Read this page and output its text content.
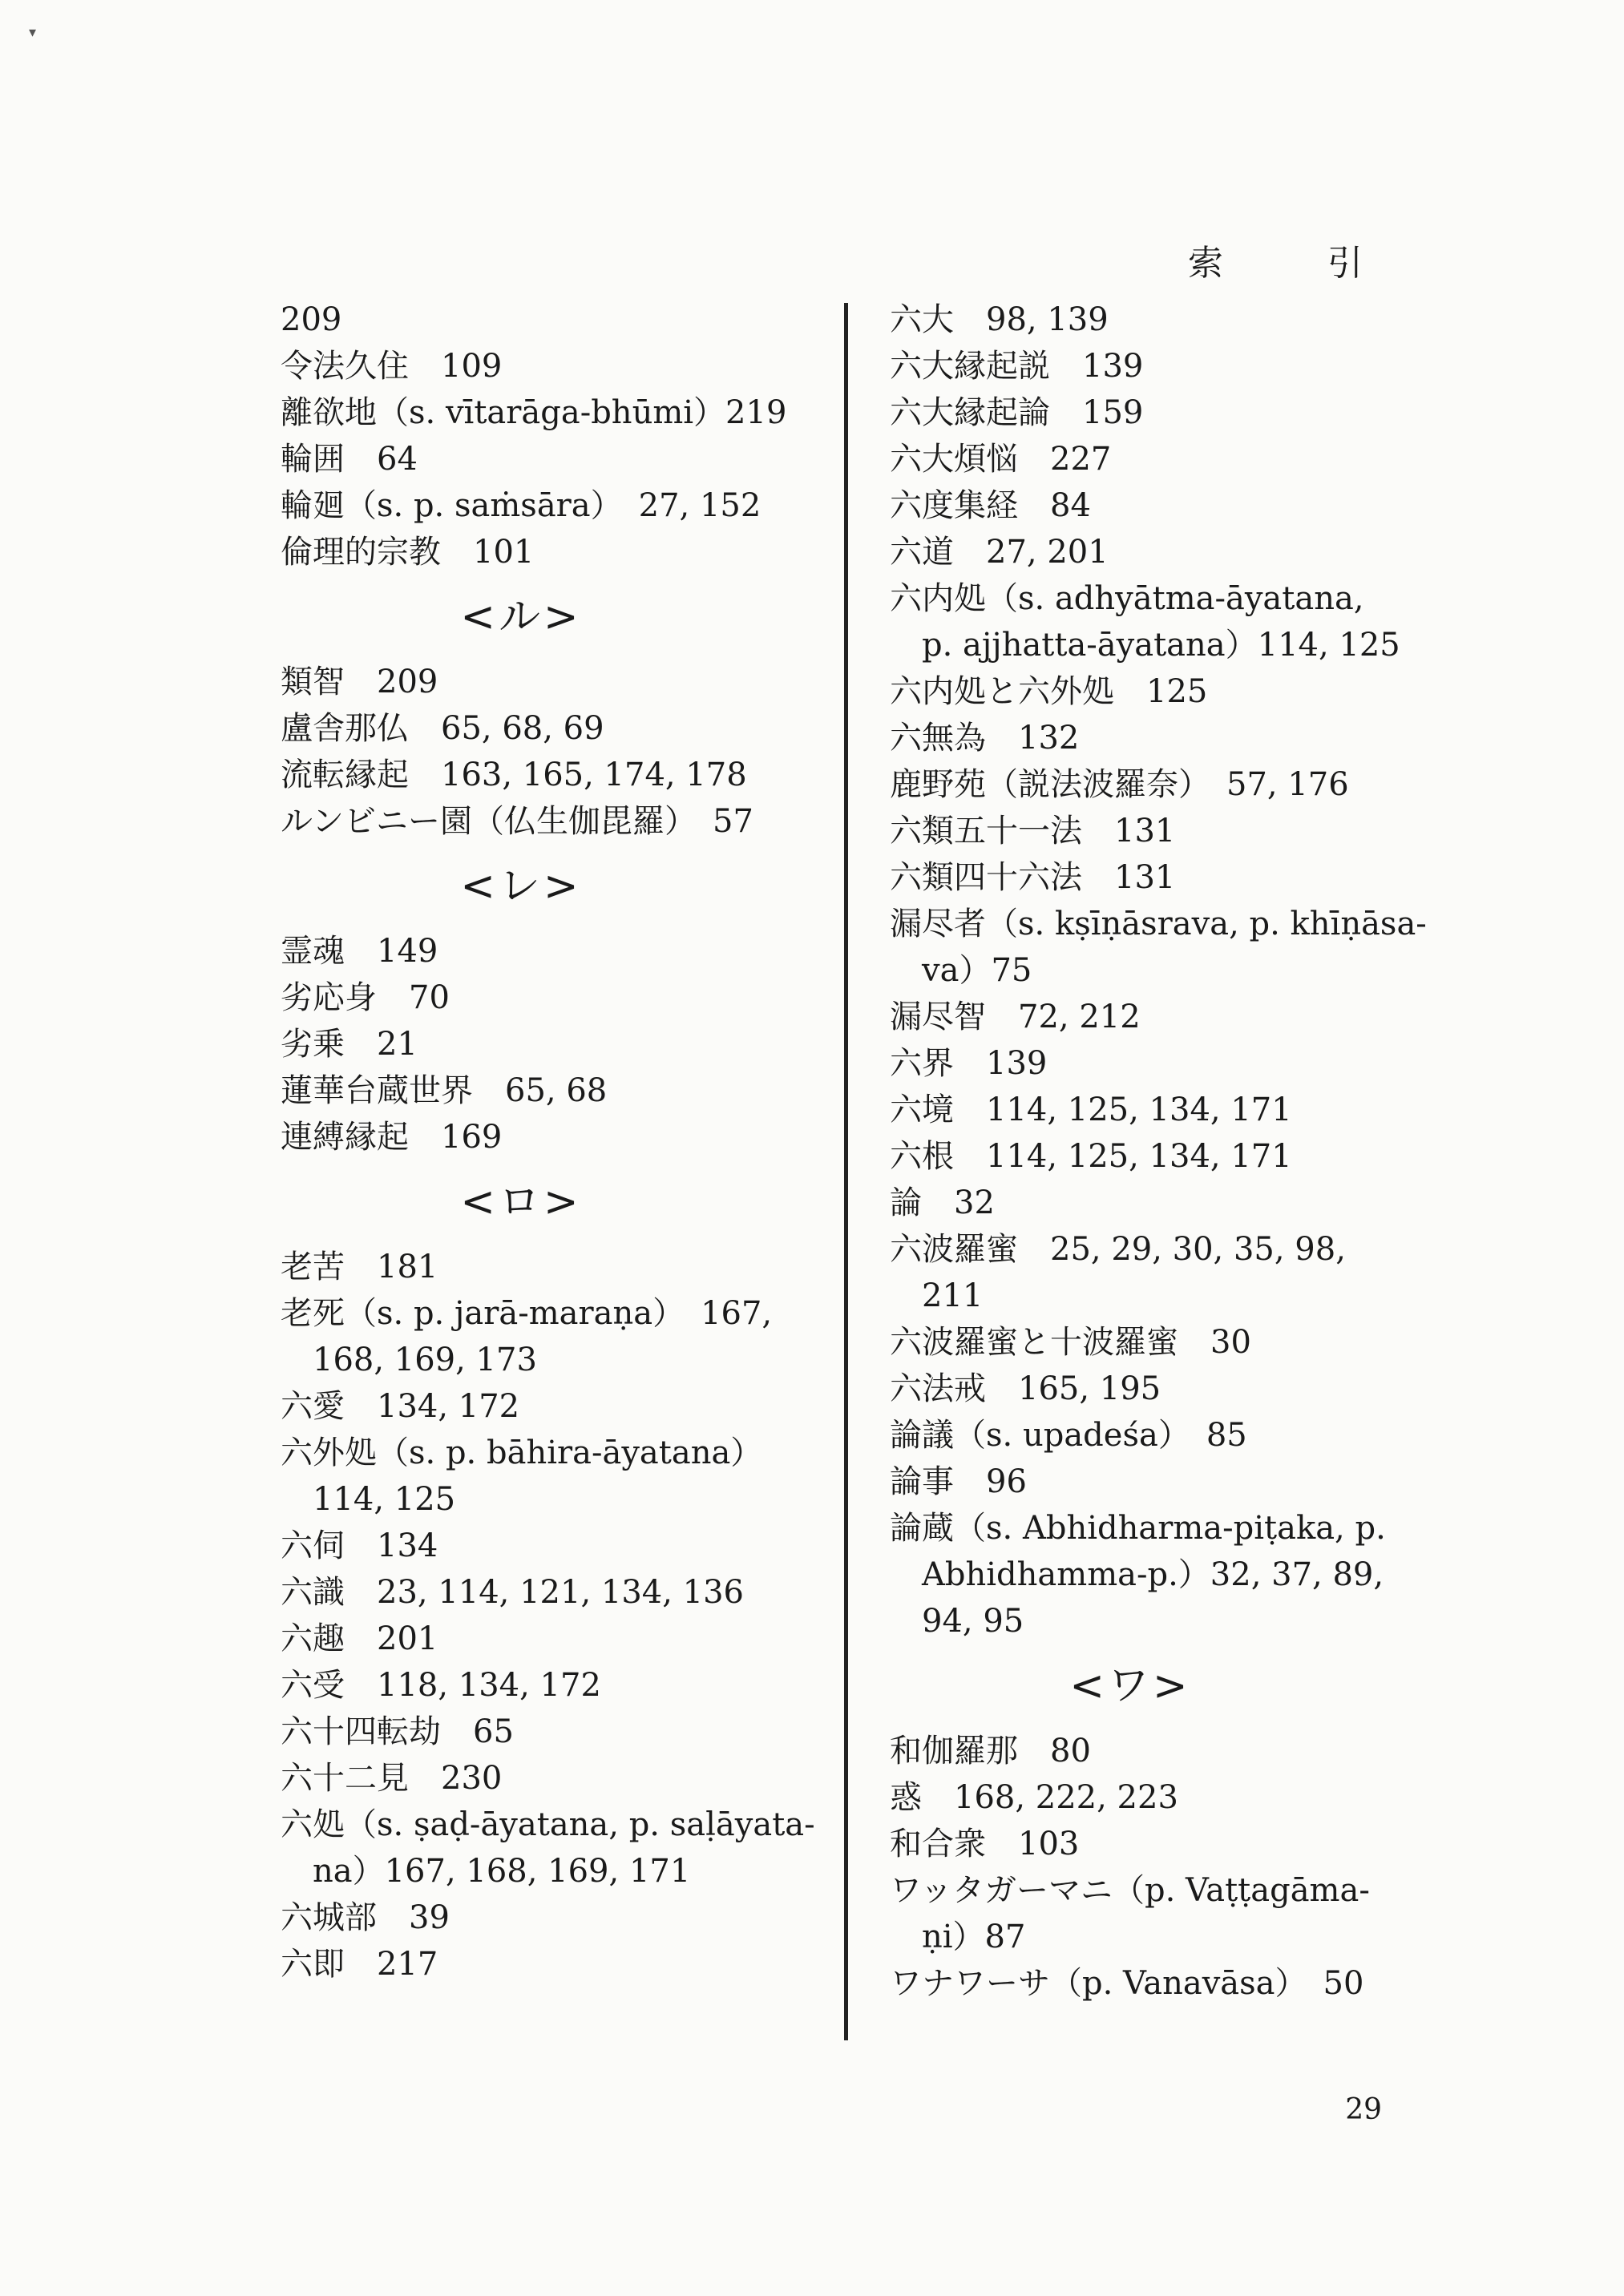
▾
索 引
209
令法久住　109
離欲地（s. vītarāga-bhūmi）219
輪囲　64
輪廻（s. p. saṁsāra）　27, 152
倫理的宗教　101
<ル>
類智　209
盧舎那仏　65, 68, 69
流転縁起　163, 165, 174, 178
ルンビニー園（仏生伽毘羅）　57
<レ>
霊魂　149
劣応身　70
劣乗　21
蓮華台蔵世界　65, 68
連縛縁起　169
<ロ>
老苦　181
老死（s. p. jarā-maraṇa）　167,
168, 169, 173
六愛　134, 172
六外処（s. p. bāhira-āyatana）
114, 125
六伺　134
六識　23, 114, 121, 134, 136
六趣　201
六受　118, 134, 172
六十四転劫　65
六十二見　230
六処（s. ṣaḍ-āyatana, p. saḷāyata-
na）167, 168, 169, 171
六城部　39
六即　217
六大　98, 139
六大縁起説　139
六大縁起論　159
六大煩悩　227
六度集経　84
六道　27, 201
六内処（s. adhyātma-āyatana,
p. ajjhatta-āyatana）114, 125
六内処と六外処　125
六無為　132
鹿野苑（説法波羅奈）　57, 176
六類五十一法　131
六類四十六法　131
漏尽者（s. kṣīṇāsrava, p. khīṇāsa-
va）75
漏尽智　72, 212
六界　139
六境　114, 125, 134, 171
六根　114, 125, 134, 171
論　32
六波羅蜜　25, 29, 30, 35, 98,
211
六波羅蜜と十波羅蜜　30
六法戒　165, 195
論議（s. upadeśa）　85
論事　96
論蔵（s. Abhidharma-piṭaka, p.
Abhidhamma-p.）32, 37, 89,
94, 95
<ワ>
和伽羅那　80
惑　168, 222, 223
和合衆　103
ワッタガーマニ（p. Vaṭṭagāma-
ṇi）87
ワナワーサ（p. Vanavāsa）　50
29
